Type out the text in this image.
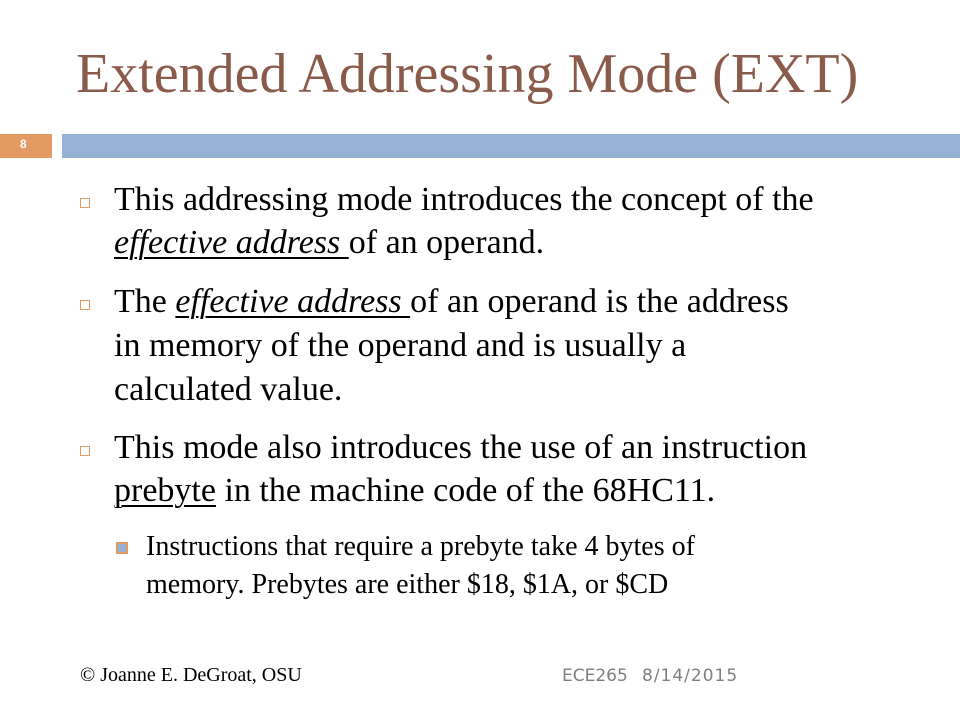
Extended Addressing Mode (EXT)
8
This addressing mode introduces the concept of the
effective address of an operand.
The effective address of an operand is the address
in memory of the operand and is usually a
calculated value.
This mode also introduces the use of an instruction
prebyte in the machine code of the 68HC11.
Instructions that require a prebyte take 4 bytes of
memory. Prebytes are either $18, $1A, or $CD
© Joanne E. DeGroat, OSU	ECE265 8/14/2015
